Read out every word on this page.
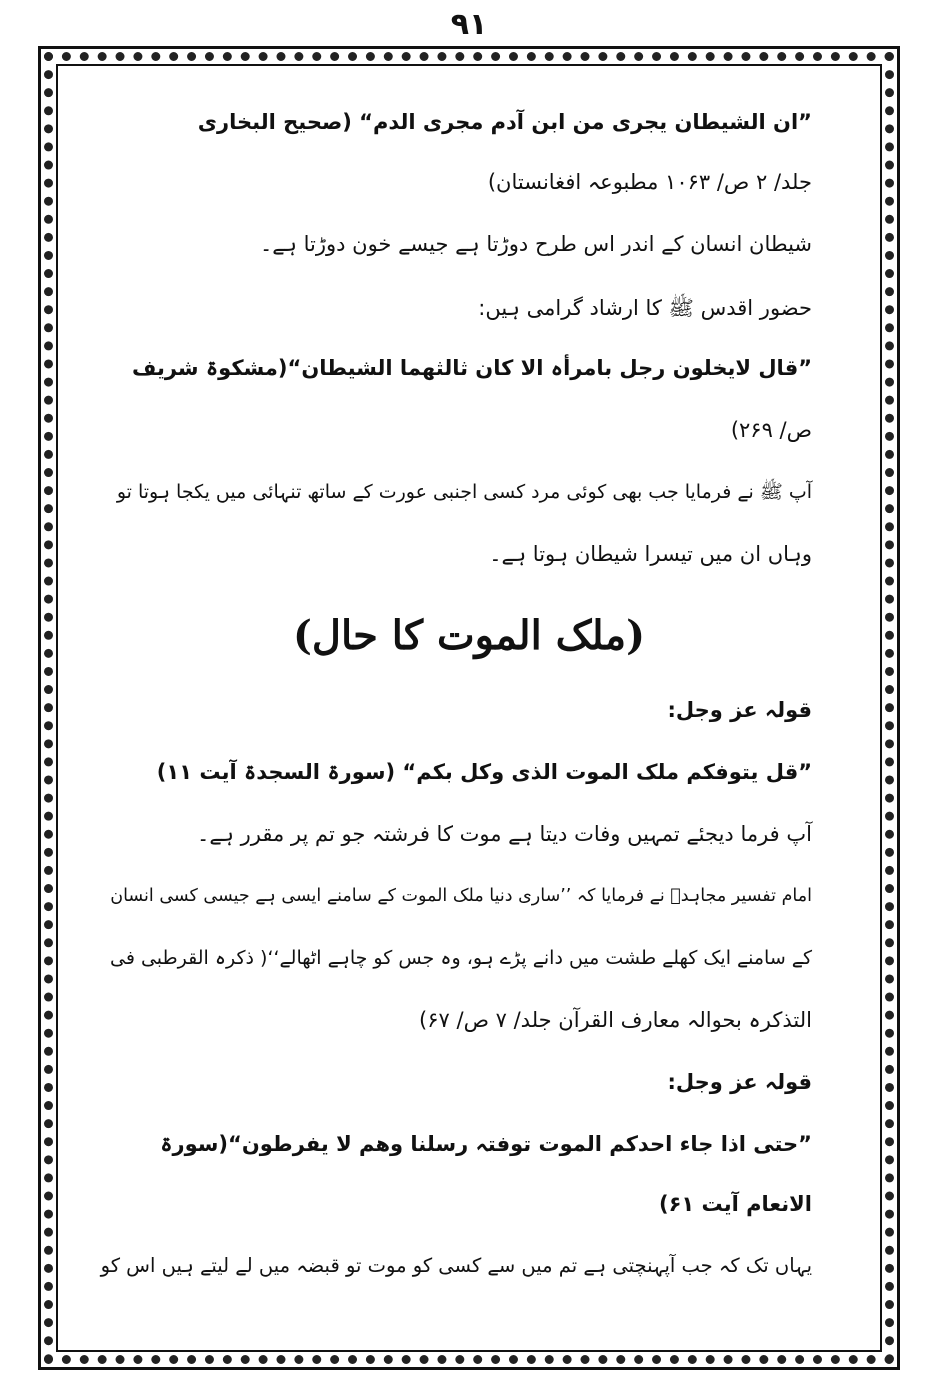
۹۱
”ان الشیطان یجری من ابن آدم مجری الدم“ (صحیح البخاری
جلد/ ۲ ص/ ۱۰۶۳ مطبوعہ افغانستان)
شیطان انسان کے اندر اس طرح دوڑتا ہے جیسے خون دوڑتا ہے۔
حضور اقدس ﷺ کا ارشاد گرامی ہیں:
”قال لایخلون رجل بامرأہ الا کان ثالثھما الشیطان“(مشکوۃ شریف
ص/ ۲۶۹)
آپ ﷺ نے فرمایا جب بھی کوئی مرد کسی اجنبی عورت کے ساتھ تنہائی میں یکجا ہوتا تو
وہاں ان میں تیسرا شیطان ہوتا ہے۔
(ملک الموت کا حال)
قولہ عز وجل:
”قل یتوفکم ملک الموت الذی وکل بکم“ (سورۃ السجدۃ آیت ۱۱)
آپ فرما دیجئے تمہیں وفات دیتا ہے موت کا فرشتہ جو تم پر مقرر ہے۔
امام تفسیر مجاہدؒ نے فرمایا کہ ’’ساری دنیا ملک الموت کے سامنے ایسی ہے جیسی کسی انسان
کے سامنے ایک کھلے طشت میں دانے پڑے ہو، وہ جس کو چاہے اٹھالے‘‘( ذکرہ القرطبی فی
التذکرہ بحوالہ معارف القرآن جلد/ ۷ ص/ ۶۷)
قولہ عز وجل:
”حتی اذا جاء احدکم الموت توفتہ رسلنا وھم لا یفرطون“(سورۃ
الانعام آیت ۶۱)
یہاں تک کہ جب آپہنچتی ہے تم میں سے کسی کو موت تو قبضہ میں لے لیتے ہیں اس کو
